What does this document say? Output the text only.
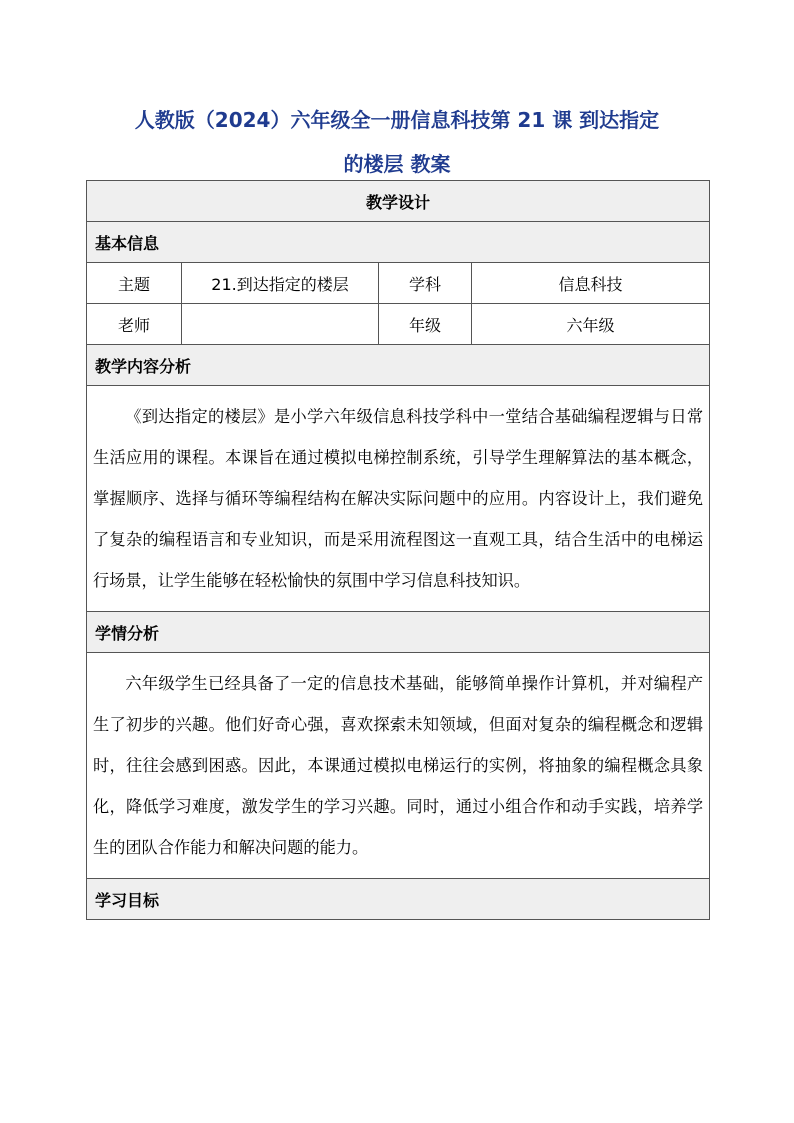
人教版（2024）六年级全一册信息科技第 21 课 到达指定
的楼层 教案
教学设计			
基本信息			
主题	21.到达指定的楼层	学科	信息科技
老师		年级	六年级
教学内容分析			
《到达指定的楼层》是小学六年级信息科技学科中一堂结合基础编程逻辑与日常生活应用的课程。本课旨在通过模拟电梯控制系统，引导学生理解算法的基本概念，掌握顺序、选择与循环等编程结构在解决实际问题中的应用。内容设计上，我们避免了复杂的编程语言和专业知识，而是采用流程图这一直观工具，结合生活中的电梯运行场景，让学生能够在轻松愉快的氛围中学习信息科技知识。			
学情分析			
六年级学生已经具备了一定的信息技术基础，能够简单操作计算机，并对编程产生了初步的兴趣。他们好奇心强，喜欢探索未知领域，但面对复杂的编程概念和逻辑时，往往会感到困惑。因此，本课通过模拟电梯运行的实例，将抽象的编程概念具象化，降低学习难度，激发学生的学习兴趣。同时，通过小组合作和动手实践，培养学生的团队合作能力和解决问题的能力。			
学习目标			
